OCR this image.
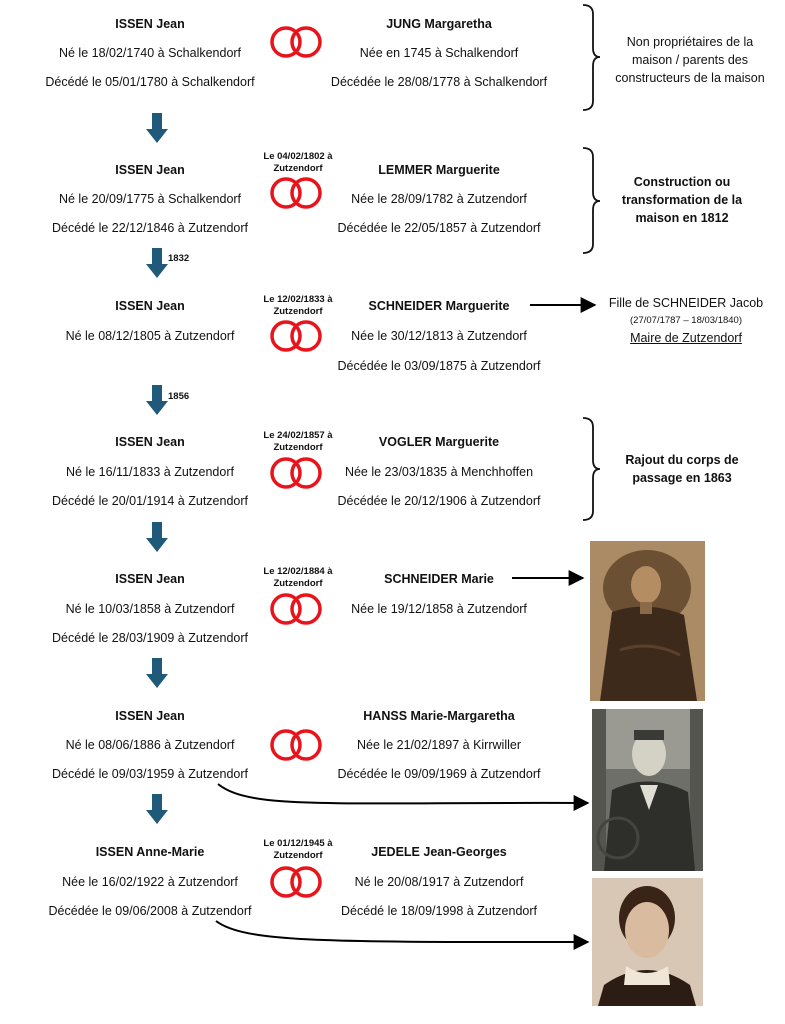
ISSEN Jean
Né le 18/02/1740 à Schalkendorf
Décédé le 05/01/1780 à Schalkendorf
JUNG Margaretha
Née en 1745 à Schalkendorf
Décédée le 28/08/1778 à Schalkendorf
Non propriétaires de la maison / parents des constructeurs de la maison
Le 04/02/1802 à Zutzendorf
ISSEN Jean
Né le 20/09/1775 à Schalkendorf
Décédé le 22/12/1846 à Zutzendorf
LEMMER Marguerite
Née le 28/09/1782 à Zutzendorf
Décédée le 22/05/1857 à Zutzendorf
Construction ou transformation de la maison en 1812
1832
Le 12/02/1833 à Zutzendorf
ISSEN Jean
Né le 08/12/1805 à Zutzendorf
SCHNEIDER Marguerite
Née le 30/12/1813 à Zutzendorf
Décédée le 03/09/1875 à Zutzendorf
Fille de SCHNEIDER Jacob
(27/07/1787 – 18/03/1840)
Maire de Zutzendorf
1856
Le 24/02/1857 à Zutzendorf
ISSEN Jean
Né le 16/11/1833 à Zutzendorf
Décédé le 20/01/1914 à Zutzendorf
VOGLER Marguerite
Née le 23/03/1835 à Menchhoffen
Décédée le 20/12/1906 à Zutzendorf
Rajout du corps de passage en 1863
Le 12/02/1884 à Zutzendorf
ISSEN Jean
Né le 10/03/1858 à Zutzendorf
Décédé le 28/03/1909 à Zutzendorf
SCHNEIDER Marie
Née le 19/12/1858 à Zutzendorf
ISSEN Jean
Né le 08/06/1886 à Zutzendorf
Décédé le 09/03/1959 à Zutzendorf
HANSS Marie-Margaretha
Née le 21/02/1897 à Kirrwiller
Décédée le 09/09/1969 à Zutzendorf
Le 01/12/1945 à Zutzendorf
ISSEN Anne-Marie
Née le 16/02/1922 à Zutzendorf
Décédée le 09/06/2008 à Zutzendorf
JEDELE Jean-Georges
Né le 20/08/1917 à Zutzendorf
Décédé le 18/09/1998 à Zutzendorf
